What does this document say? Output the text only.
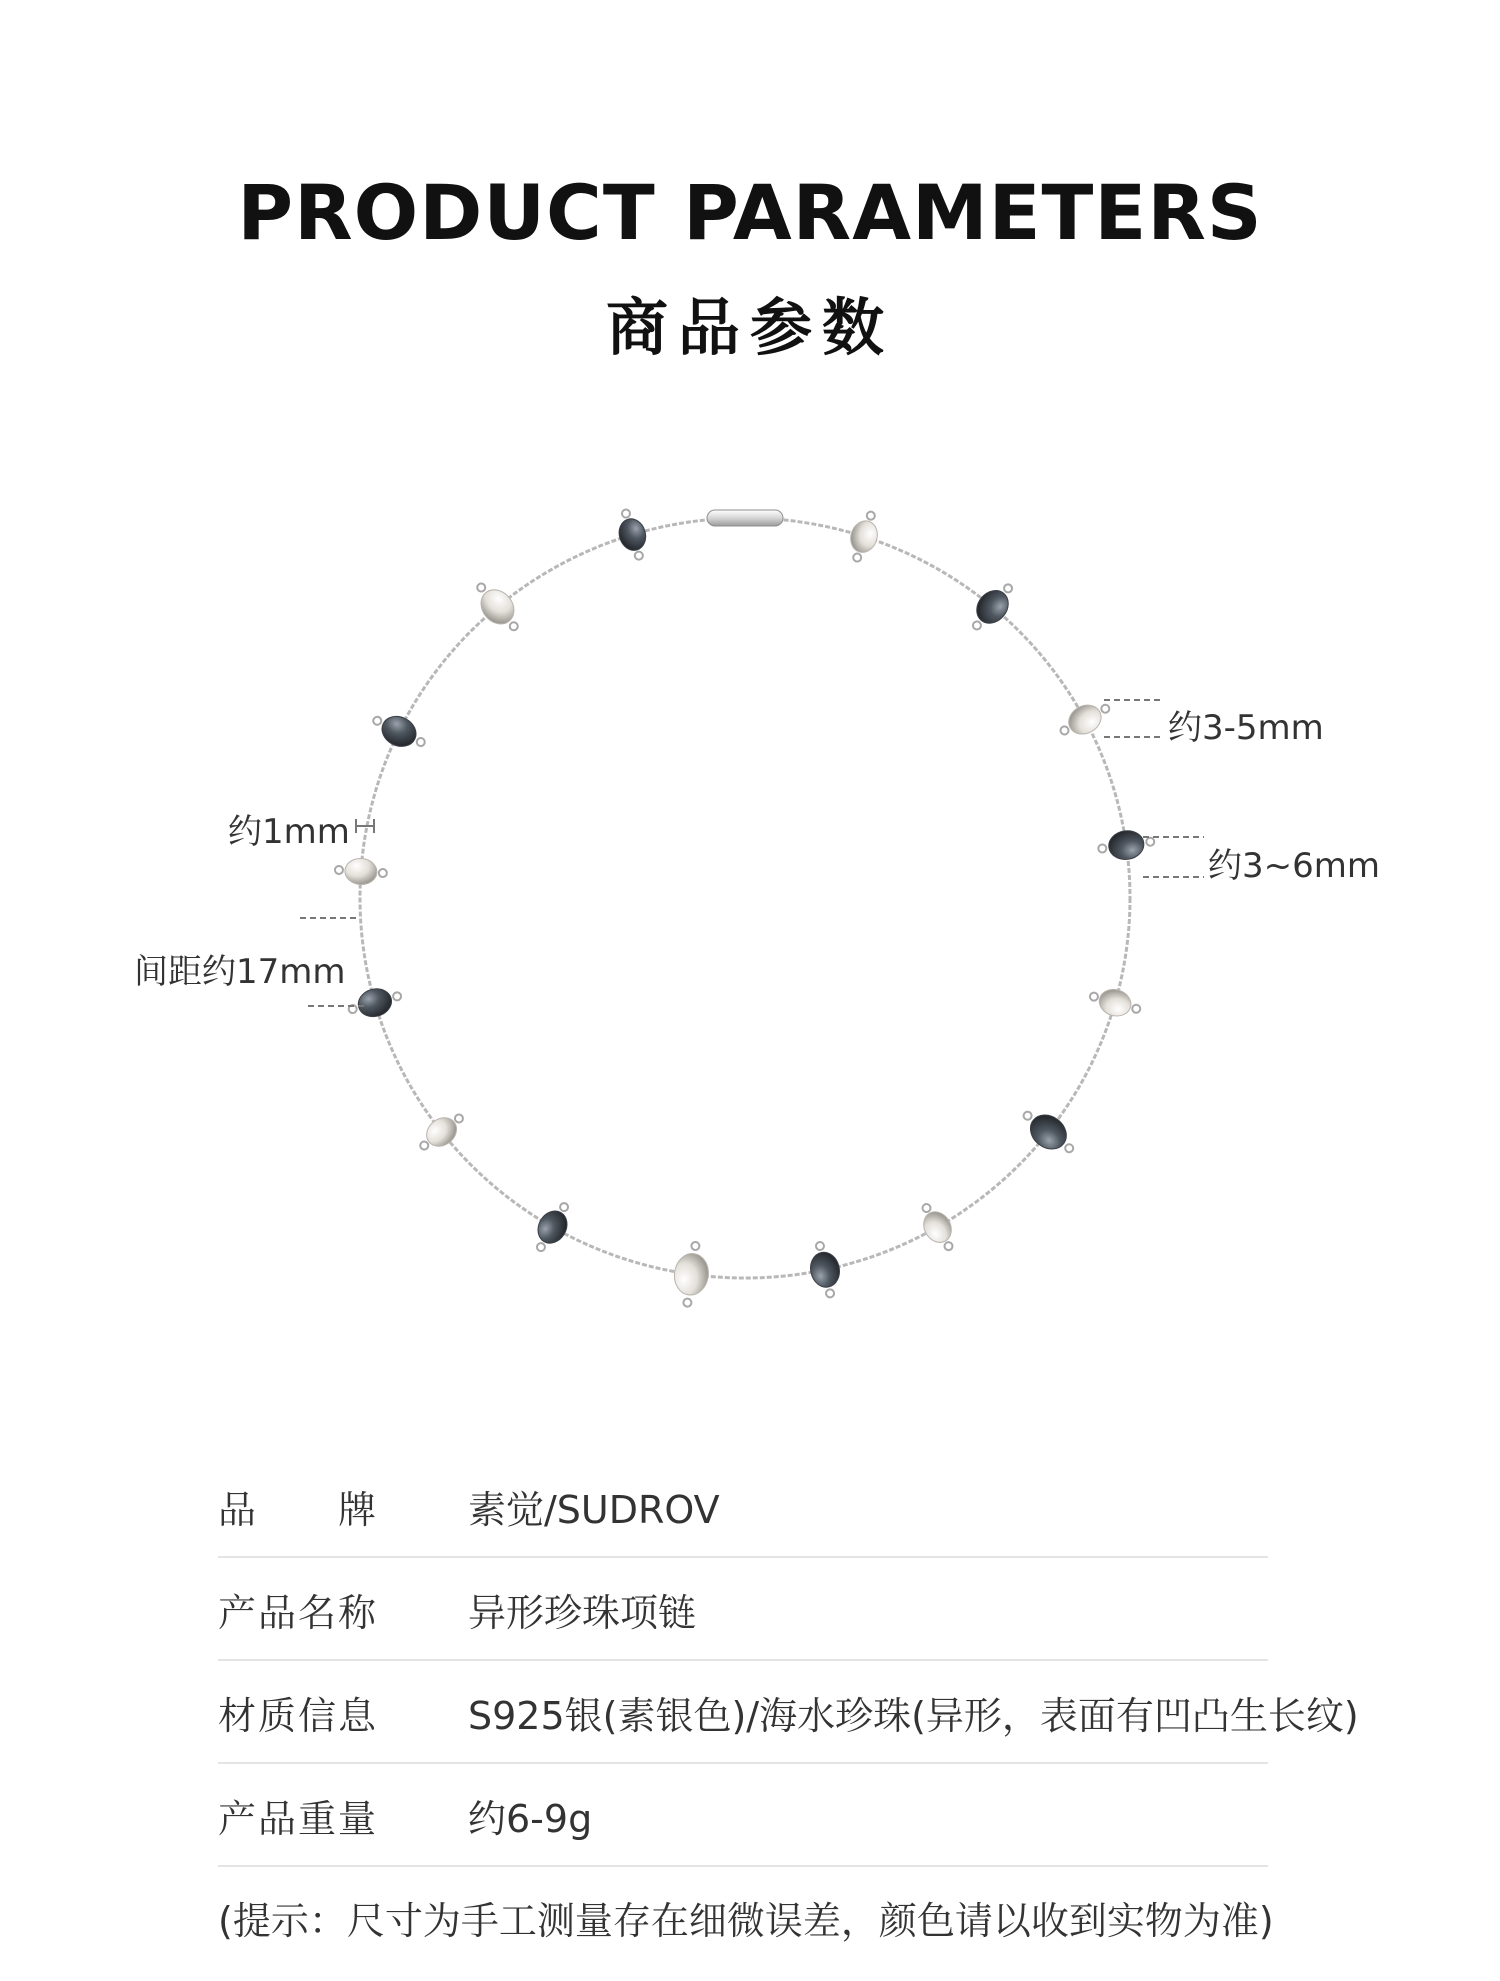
PRODUCT PARAMETERS
商品参数
约1mm
间距约17mm
约3-5mm
约3~6mm
品　　牌 素觉/SUDROV
产品名称 异形珍珠项链
材质信息 S925银(素银色)/海水珍珠(异形，表面有凹凸生长纹)
产品重量 约6-9g
(提示：尺寸为手工测量存在细微误差，颜色请以收到实物为准)
